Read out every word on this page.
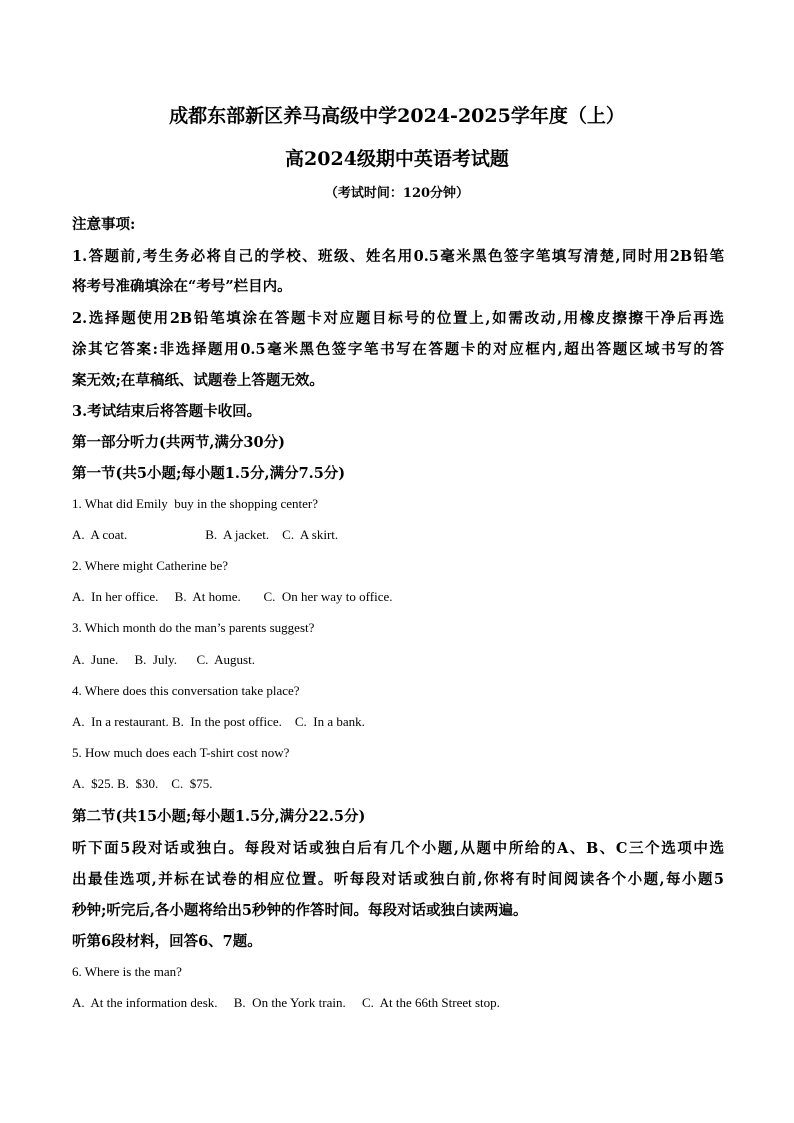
成都东部新区养马高级中学2024-2025学年度（上）
高2024级期中英语考试题
（考试时间：120分钟）
注意事项:
1.答题前,考生务必将自己的学校、班级、姓名用0.5毫米黑色签字笔填写清楚,同时用2B铅笔
将考号准确填涂在“考号”栏目内。
2.选择题使用2B铅笔填涂在答题卡对应题目标号的位置上,如需改动,用橡皮擦擦干净后再选
涂其它答案:非选择题用0.5毫米黑色签字笔书写在答题卡的对应框内,超出答题区域书写的答
案无效;在草稿纸、试题卷上答题无效。
3.考试结束后将答题卡收回。
第一部分听力(共两节,满分30分)
第一节(共5小题;每小题1.5分,满分7.5分)
1. What did Emily  buy in the shopping center?
A.  A coat.                        B.  A jacket.    C.  A skirt.
2. Where might Catherine be?
A.  In her office.     B.  At home.       C.  On her way to office.
3. Which month do the man’s parents suggest?
A.  June.     B.  July.      C.  August.
4. Where does this conversation take place?
A.  In a restaurant. B.  In the post office.    C.  In a bank.
5. How much does each T-shirt cost now?
A.  $25. B.  $30.    C.  $75.
第二节(共15小题;每小题1.5分,满分22.5分)
听下面5段对话或独白。每段对话或独白后有几个小题,从题中所给的A、B、C三个选项中选
出最佳选项,并标在试卷的相应位置。听每段对话或独白前,你将有时间阅读各个小题,每小题5
秒钟;听完后,各小题将给出5秒钟的作答时间。每段对话或独白读两遍。
听第6段材料，回答6、7题。
6. Where is the man?
A.  At the information desk.     B.  On the York train.     C.  At the 66th Street stop.
